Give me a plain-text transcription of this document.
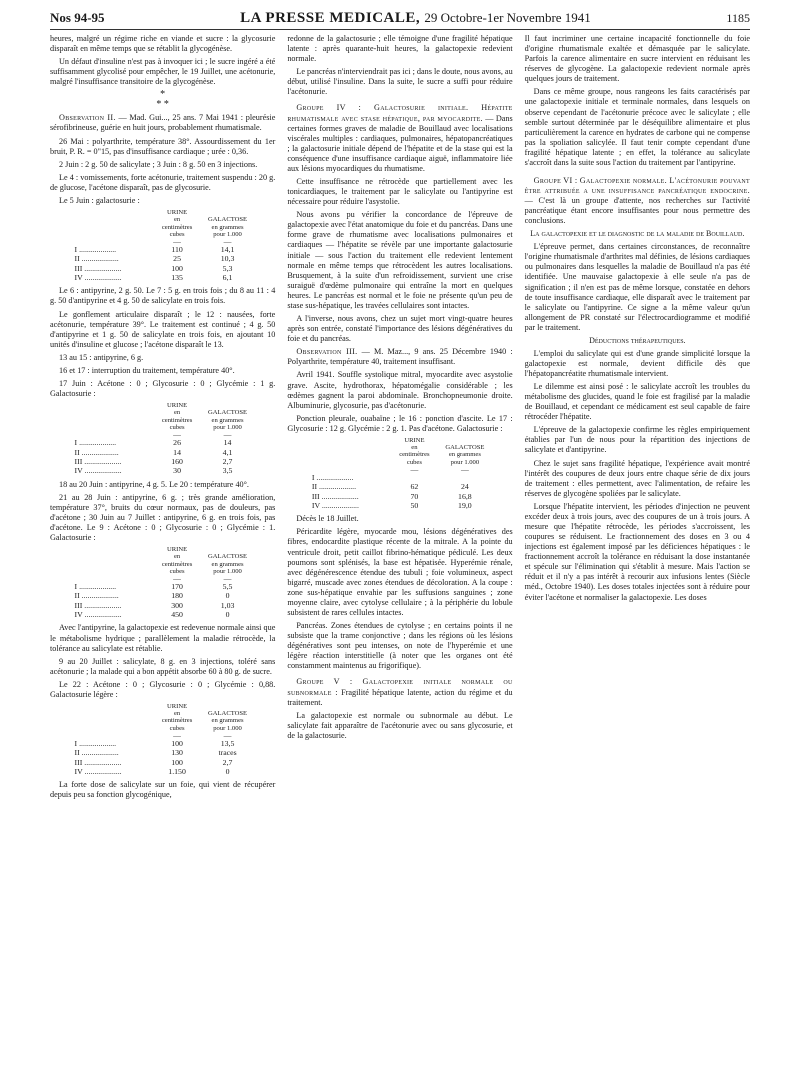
Nos 94-95	LA PRESSE MEDICALE, 29 Octobre-1er Novembre 1941	1185

heures, malgré un régime riche en viande et sucre : la glycosurie disparaît en même temps que se rétablit la glycogénèse.

Un défaut d'insuline n'est pas à invoquer ici ; le sucre ingéré a été suffisamment glycolisé pour empêcher, le 19 Juillet, une acétonurie, malgré l'insuffisance transitoire de la glycogénèse.

*
* *

Observation II. — Mad. Gui..., 25 ans. 7 Mai 1941 : pleurésie sérofibrineuse, guérie en huit jours, probablement rhumatismale.

26 Mai : polyarthrite, température 38°. Assourdissement du 1er bruit, P. R. = 0"15, pas d'insuffisance cardiaque ; urée : 0,36.

2 Juin : 2 g. 50 de salicylate ; 3 Juin : 8 g. 50 en 3 injections.

Le 4 : vomissements, forte acétonurie, traitement suspendu : 20 g. de glucose, l'acétone disparaît, pas de glycosurie.

Le 5 Juin : galactosurie :

	URINE
en
centimètres cubes	GALACTOSE
en grammes
pour 1.000
	—	—
I ...................	110	14,1
II ...................	25	10,3
III ...................	100	5,3
IV ...................	135	6,1

Le 6 : antipyrine, 2 g. 50. Le 7 : 5 g. en trois fois ; du 8 au 11 : 4 g. 50 d'antipyrine et 4 g. 50 de salicylate en trois fois.

Le gonflement articulaire disparaît ; le 12 : nausées, forte acétonurie, température 39°. Le traitement est continué ; 4 g. 50 d'antipyrine et 1 g. 50 de salicylate en trois fois, en ajoutant 10 unités d'insuline et glucose ; l'acétone disparaît le 13.

13 au 15 : antipyrine, 6 g.

16 et 17 : interruption du traitement, température 40°.

17 Juin : Acétone : 0 ; Glycosurie : 0 ; Glycémie : 1 g. Galactosurie :

	URINE
en
centimètres cubes	GALACTOSE
en grammes
pour 1.000
	—	—
I ...................	26	14
II ...................	14	4,1
III ...................	160	2,7
IV ...................	30	3,5

18 au 20 Juin : antipyrine, 4 g. 5. Le 20 : température 40°.

21 au 28 Juin : antipyrine, 6 g. ; très grande amélioration, température 37°, bruits du cœur normaux, pas de douleurs, pas d'acétone ; 30 Juin au 7 Juillet : antipyrine, 6 g. en trois fois, pas d'acétone. Le 9 : Acétone : 0 ; Glycosurie : 0 ; Glycémie : 1. Galactosurie :

	URINE
en
centimètres cubes	GALACTOSE
en grammes
pour 1.000
	—	—
I ...................	170	5,5
II ...................	180	0
III ...................	300	1,03
IV ...................	450	0

Avec l'antipyrine, la galactopexie est redevenue normale ainsi que le métabolisme hydrique ; parallèlement la maladie rétrocède, la tolérance au salicylate est rétablie.

9 au 20 Juillet : salicylate, 8 g. en 3 injections, toléré sans acétonurie ; la malade qui a bon appétit absorbe 60 à 80 g. de sucre.

Le 22 : Acétone : 0 ; Glycosurie : 0 ; Glycémie : 0,88. Galactosurie légère :

	URINE
en
centimètres cubes	GALACTOSE
en grammes
pour 1.000
	—	—
I ...................	100	13,5
II ...................	130	traces
III ...................	100	2,7
IV ...................	1.150	0

La forte dose de salicylate sur un foie, qui vient de récupérer depuis peu sa fonction glycogénique,

redonne de la galactosurie ; elle témoigne d'une fragilité hépatique latente : après quarante-huit heures, la galactopexie redevient normale.

Le pancréas n'interviendrait pas ici ; dans le doute, nous avons, au début, utilisé l'insuline. Dans la suite, le sucre a suffi pour réduire l'acétonurie.

Groupe IV : Galactosurie initiale. Hépatite rhumatismale avec stase hépatique, par myocardite. — Dans certaines formes graves de maladie de Bouillaud avec localisations viscérales multiples : cardiaques, pulmonaires, hépatopancréatiques ; la galactosurie initiale dépend de l'hépatite et de la stase qui est la conséquence d'une insuffisance cardiaque aiguë, inflammatoire liée aux lésions myocardiques du rhumatisme.

Cette insuffisance ne rétrocède que partiellement avec les tonicardiaques, le traitement par le salicylate ou l'antipyrine est nécessaire pour réduire l'asystolie.

Nous avons pu vérifier la concordance de l'épreuve de galactopexie avec l'état anatomique du foie et du pancréas. Dans une forme grave de rhumatisme avec localisations pulmonaires et cardiaques — l'hépatite se révèle par une importante galactosurie initiale — sous l'action du traitement elle redevient lentement normale en même temps que rétrocèdent les autres localisations. Brusquement, à la suite d'un refroidissement, survient une crise suraiguë d'œdème pulmonaire qui entraîne la mort en quelques heures. Le pancréas est normal et le foie ne présente qu'un peu de stase sus-hépatique, les travées cellulaires sont intactes.

A l'inverse, nous avons, chez un sujet mort vingt-quatre heures après son entrée, constaté l'importance des lésions dégénératives du foie et du pancréas.

Observation III. — M. Maz..., 9 ans. 25 Décembre 1940 : Polyarthrite, température 40, traitement insuffisant.

Avril 1941. Souffle systolique mitral, myocardite avec asystolie grave. Ascite, hydrothorax, hépatomégalie considérable ; les œdèmes gagnent la paroi abdominale. Bronchopneumonie droite. Albuminurie, glycosurie, pas d'acétonurie.

Ponction pleurale, ouabaïne ; le 16 : ponction d'ascite. Le 17 : Glycosurie : 12 g. Glycémie : 2 g. 1. Pas d'acétone. Galactosurie :

	URINE
en
centimètres cubes	GALACTOSE
en grammes
pour 1.000
	—	—
I ...................		
II ...................	62	24
III ...................	70	16,8
IV ...................	50	19,0

Décès le 18 Juillet.

Péricardite légère, myocarde mou, lésions dégénératives des fibres, endocardite plastique récente de la mitrale. A la pointe du ventricule droit, petit caillot fibrino-hématique pédiculé. Les deux poumons sont splénisés, la base est hépatisée. Hyperémie rénale, avec dégénérescence étendue des tubuli ; foie volumineux, aspect bigarré, muscade avec zones étendues de décoloration. A la coupe : zone sus-hépatique envahie par les suffusions sanguines ; zone moyenne claire, avec cytolyse cellulaire ; à la périphérie du lobule subsistent de rares cellules intactes.

Pancréas. Zones étendues de cytolyse ; en certains points il ne subsiste que la trame conjonctive ; dans les régions où les lésions dégénératives sont peu intenses, on note de l'hyperémie et une légère réaction interstitielle (à noter que les organes ont été constamment maintenus au frigorifique).

Groupe V : Galactopexie initiale normale ou subnormale : Fragilité hépatique latente, action du régime et du traitement.

La galactopexie est normale ou subnormale au début. Le salicylate fait apparaître de l'acétonurie avec ou sans glycosurie, et de la galactosurie.

Il faut incriminer une certaine incapacité fonctionnelle du foie d'origine rhumatismale exaltée et démasquée par le salicylate. Parfois la carence alimentaire en sucre intervient en réduisant les réserves de glycogène. La galactopexie redevient normale après quelques jours de traitement.

Dans ce même groupe, nous rangeons les faits caractérisés par une galactopexie initiale et terminale normales, dans lesquels on observe cependant de l'acétonurie précoce avec le salicylate ; elle semble surtout déterminée par le déséquilibre alimentaire et plus particulièrement la carence en hydrates de carbone qui ne compense pas la spoliation salicylée. Il faut tenir compte cependant d'une fragilité hépatique latente ; en effet, la tolérance au salicylate s'accroît dans la suite sous l'action du traitement par l'antipyrine.

Groupe VI : Galactopexie normale. L'acétonurie pouvant être attribuée a une insuffisance pancréatique endocrine. — C'est là un groupe d'attente, nos recherches sur l'activité pancréatique étant encore insuffisantes pour nous permettre des conclusions.

La galactopexie et le diagnostic de la maladie de Bouillaud.

L'épreuve permet, dans certaines circonstances, de reconnaître l'origine rhumatismale d'arthrites mal définies, de lésions cardiaques ou pulmonaires dans lesquelles la maladie de Bouillaud n'a pas été identifiée. Une mauvaise galactopexie à elle seule n'a pas de signification ; il n'en est pas de même lorsque, constatée en dehors de toute insuffisance cardiaque, elle disparaît avec le traitement par le salicylate ou l'antipyrine. Ce signe a la même valeur qu'un allongement de PR constaté sur l'électrocardiogramme et modifié par le traitement.

Déductions thérapeutiques.

L'emploi du salicylate qui est d'une grande simplicité lorsque la galactopexie est normale, devient difficile dès que l'hépatopancréatite rhumatismale intervient.

Le dilemme est ainsi posé : le salicylate accroît les troubles du métabolisme des glucides, quand le foie est fragilisé par la maladie de Bouillaud, et cependant ce médicament est seul capable de faire rétrocéder l'hépatite.

L'épreuve de la galactopexie confirme les règles empiriquement établies par l'un de nous pour la répartition des injections de salicylate et d'antipyrine.

Chez le sujet sans fragilité hépatique, l'expérience avait montré l'intérêt des coupures de deux jours entre chaque série de dix jours de traitement : elles permettent, avec l'alimentation, de refaire les réserves de glycogène spoliées par le salicylate.

Lorsque l'hépatite intervient, les périodes d'injection ne peuvent excéder deux à trois jours, avec des coupures de un à trois jours. A mesure que l'hépatite rétrocède, les périodes s'accroissent, les coupures se réduisent. Le fractionnement des doses en 3 ou 4 injections est également imposé par les déficiences hépatiques : le fractionnement accroît la tolérance en réduisant la dose instantanée et spécule sur l'élimination qui s'établit à mesure. Mais l'action se réduit et il n'y a pas intérêt à recourir aux infusions lentes (Siècle méd., Octobre 1940). Les doses totales injectées sont à réduire pour éviter l'acétone et normaliser la galactopexie. Les doses
